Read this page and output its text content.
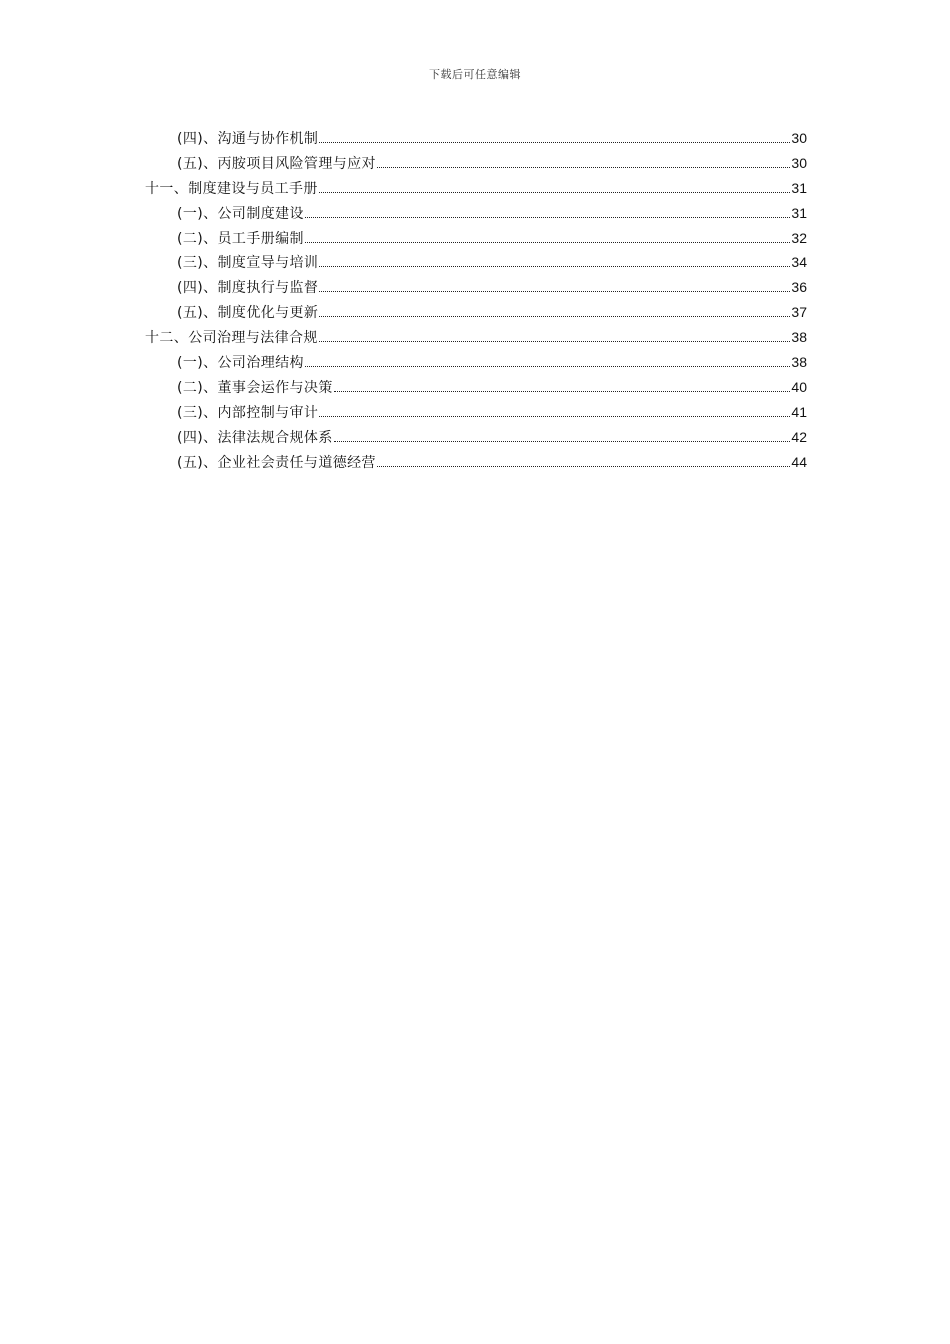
下载后可任意编辑
(四)、沟通与协作机制	30
(五)、丙胺项目风险管理与应对	30
十一、制度建设与员工手册	31
(一)、公司制度建设	31
(二)、员工手册编制	32
(三)、制度宣导与培训	34
(四)、制度执行与监督	36
(五)、制度优化与更新	37
十二、公司治理与法律合规	38
(一)、公司治理结构	38
(二)、董事会运作与决策	40
(三)、内部控制与审计	41
(四)、法律法规合规体系	42
(五)、企业社会责任与道德经营	44
